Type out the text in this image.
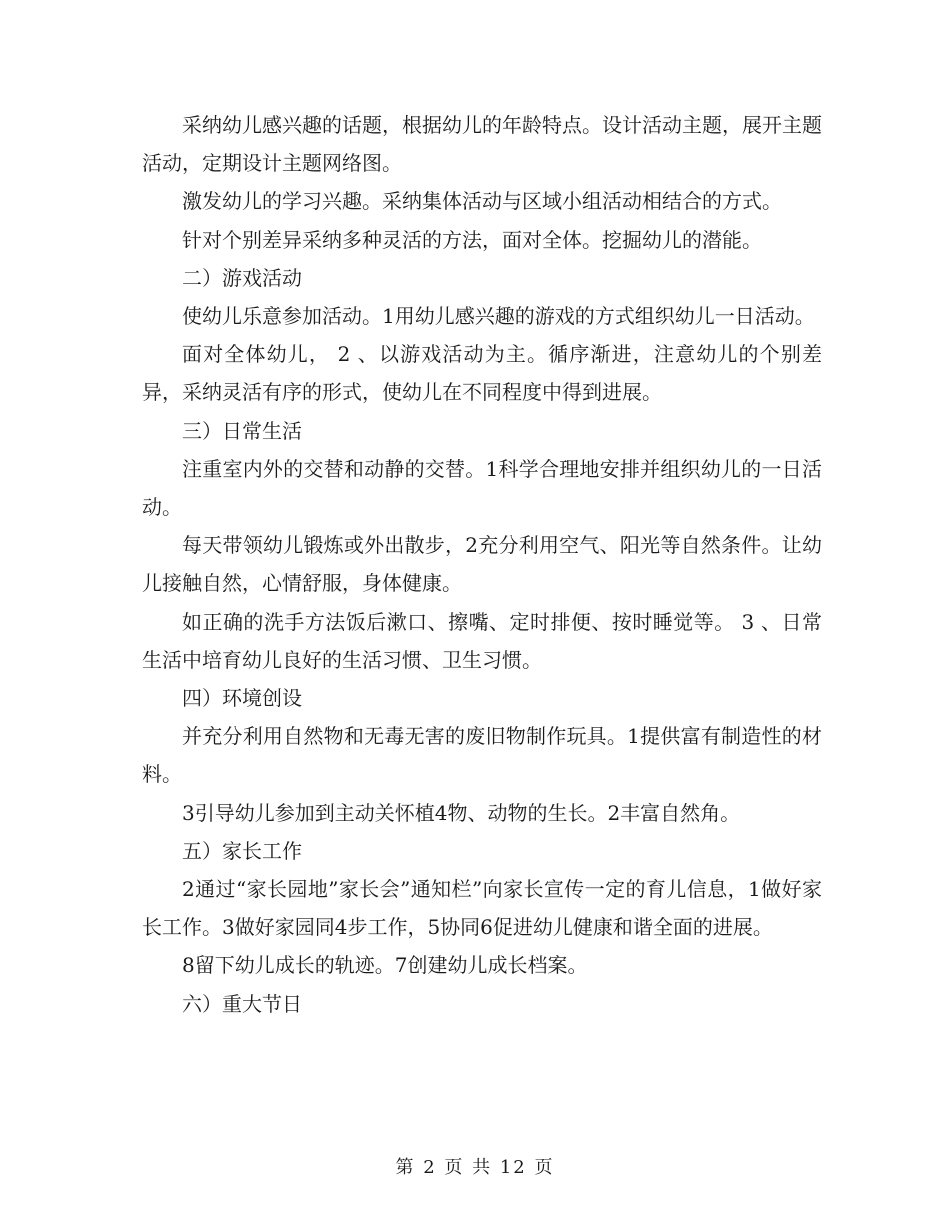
采纳幼儿感兴趣的话题，根据幼儿的年龄特点。设计活动主题，展开主题活动，定期设计主题网络图。

激发幼儿的学习兴趣。采纳集体活动与区域小组活动相结合的方式。

针对个别差异采纳多种灵活的方法，面对全体。挖掘幼儿的潜能。

二）游戏活动

使幼儿乐意参加活动。1用幼儿感兴趣的游戏的方式组织幼儿一日活动。

面对全体幼儿， 2 、以游戏活动为主。循序渐进，注意幼儿的个别差异，采纳灵活有序的形式，使幼儿在不同程度中得到进展。

三）日常生活

注重室内外的交替和动静的交替。1科学合理地安排并组织幼儿的一日活动。

每天带领幼儿锻炼或外出散步，2充分利用空气、阳光等自然条件。让幼儿接触自然，心情舒服，身体健康。

如正确的洗手方法饭后漱口、擦嘴、定时排便、按时睡觉等。 3 、日常生活中培育幼儿良好的生活习惯、卫生习惯。

四）环境创设

并充分利用自然物和无毒无害的废旧物制作玩具。1提供富有制造性的材料。

3引导幼儿参加到主动关怀植4物、动物的生长。2丰富自然角。

五）家长工作

2通过“家长园地”家长会”通知栏”向家长宣传一定的育儿信息，1做好家长工作。3做好家园同4步工作，5协同6促进幼儿健康和谐全面的进展。

8留下幼儿成长的轨迹。7创建幼儿成长档案。

六）重大节日

第 2 页 共 12 页
